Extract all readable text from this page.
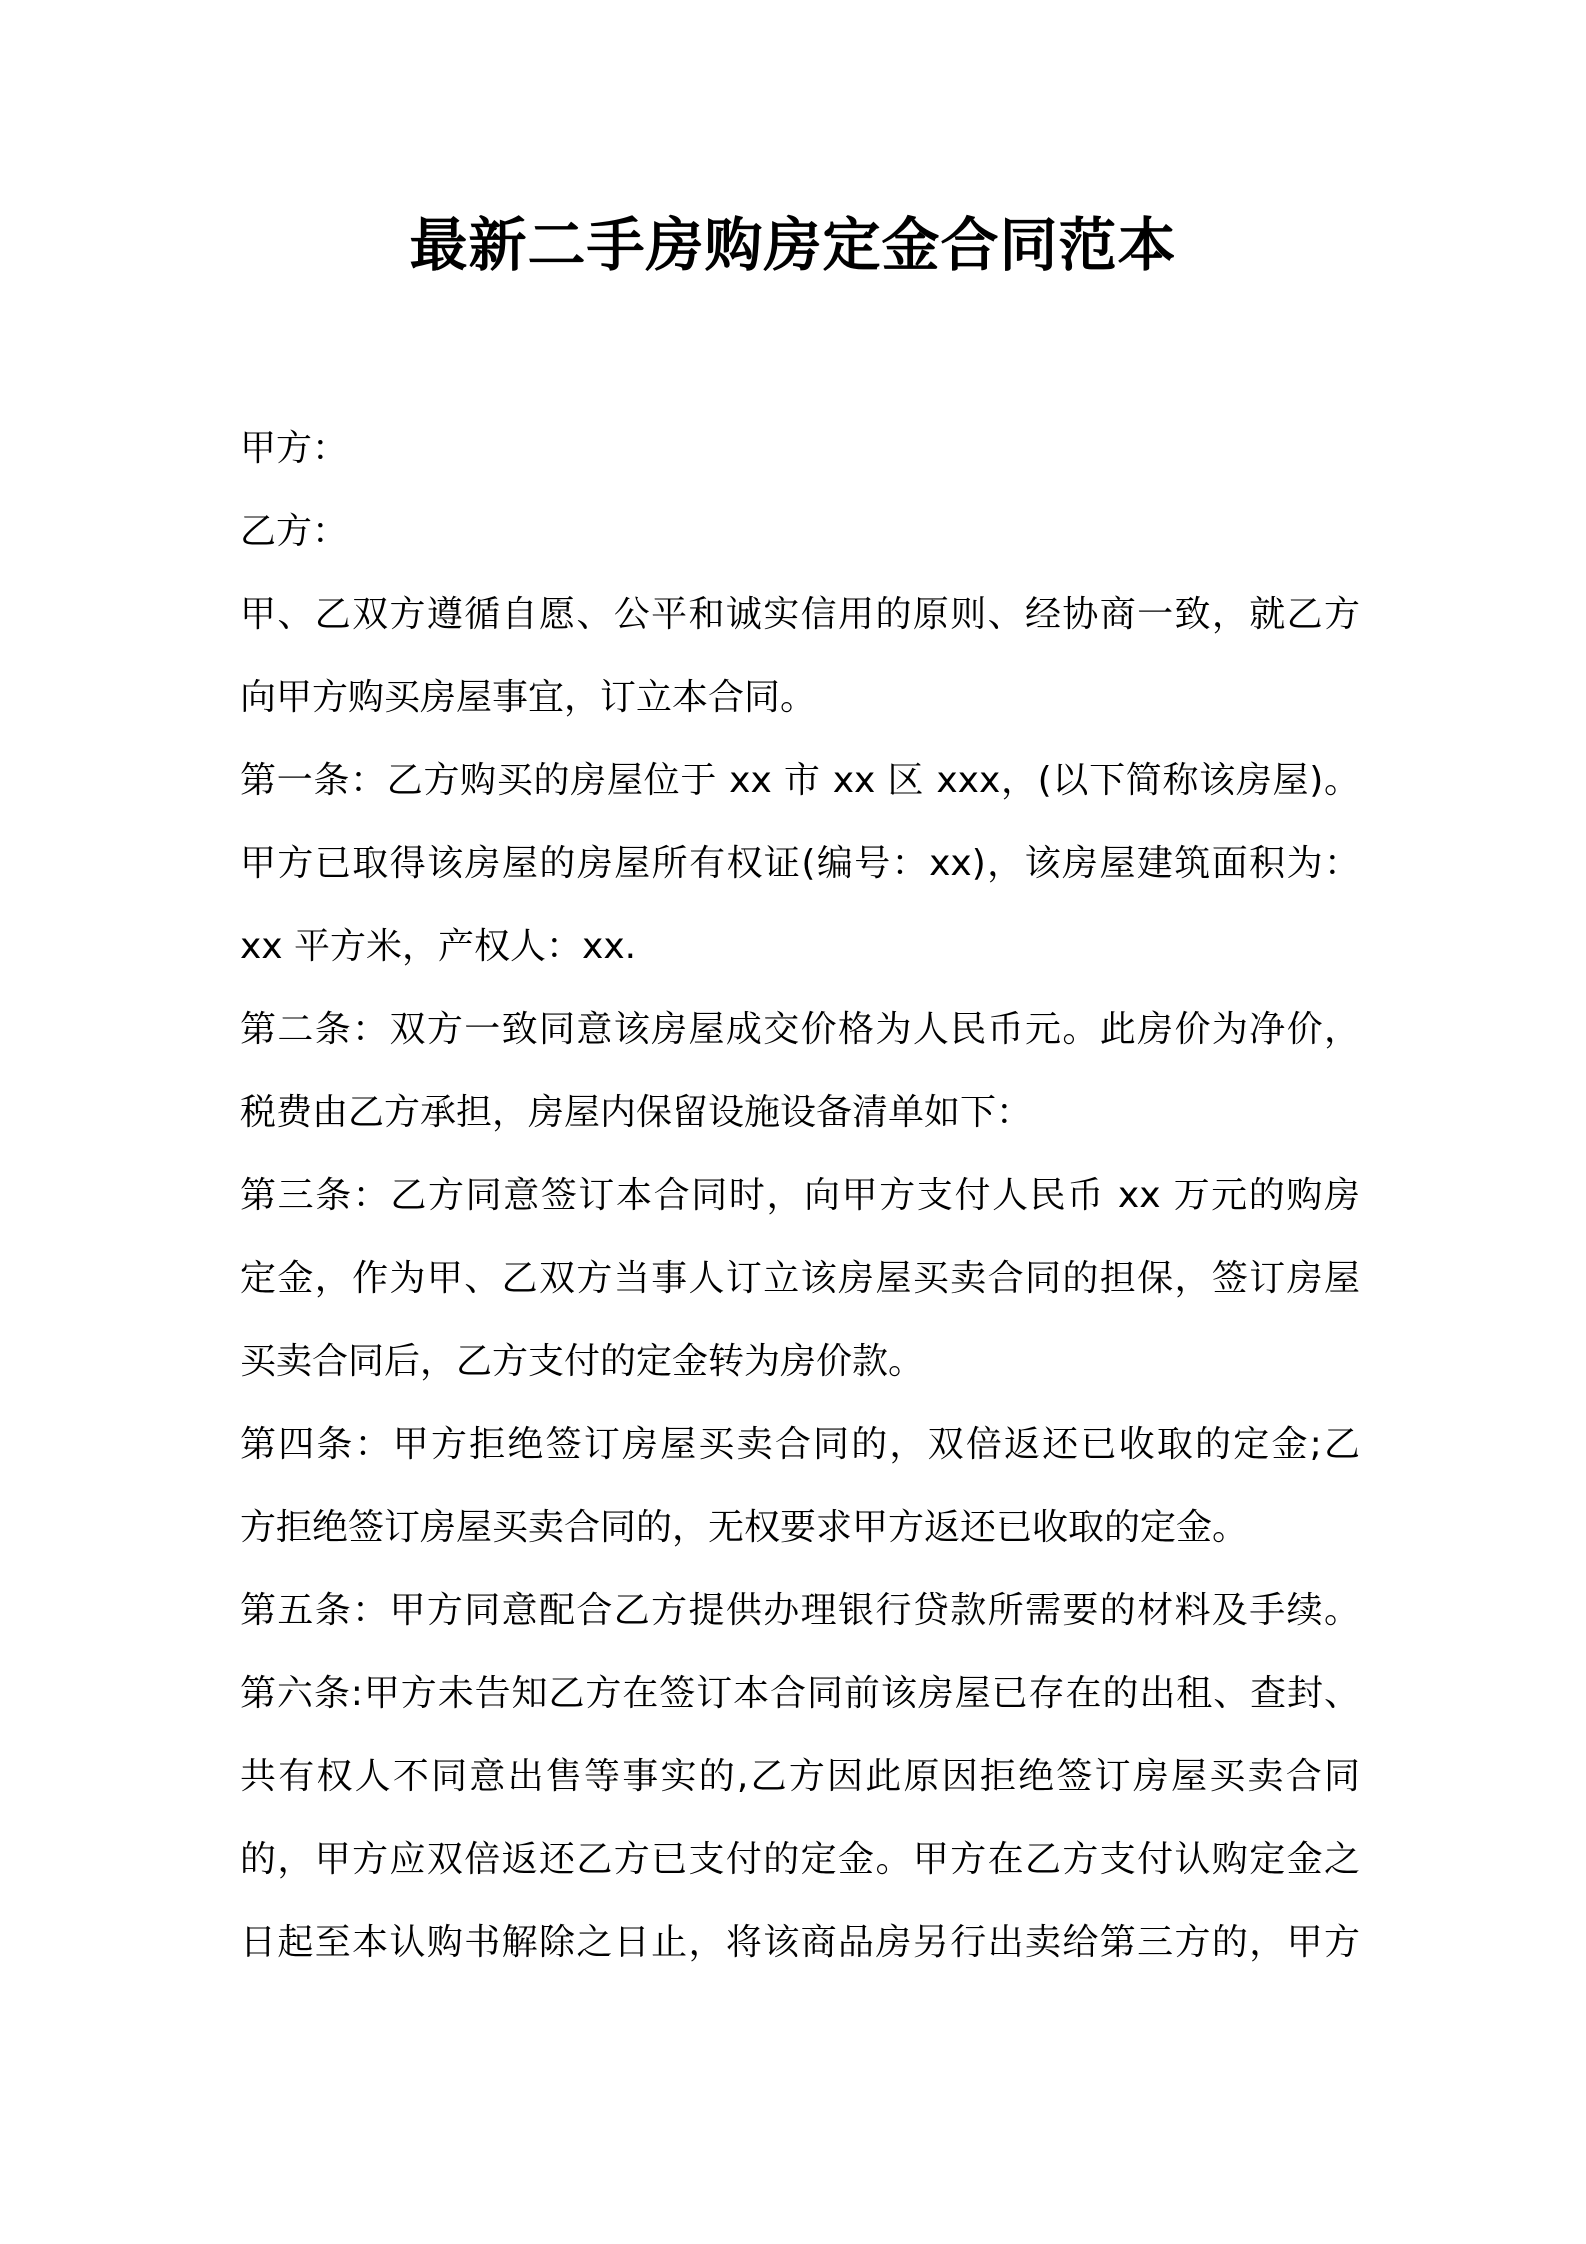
最新二手房购房定金合同范本
甲方：
乙方：
甲、乙双方遵循自愿、公平和诚实信用的原则、经协商一致，就乙方
向甲方购买房屋事宜，订立本合同。
第一条：乙方购买的房屋位于 xx 市 xx 区 xxx，(以下简称该房屋)。
甲方已取得该房屋的房屋所有权证(编号：xx)，该房屋建筑面积为：
xx 平方米，产权人：xx.
第二条：双方一致同意该房屋成交价格为人民币元。此房价为净价，
税费由乙方承担，房屋内保留设施设备清单如下：
第三条：乙方同意签订本合同时，向甲方支付人民币 xx 万元的购房
定金，作为甲、乙双方当事人订立该房屋买卖合同的担保，签订房屋
买卖合同后，乙方支付的定金转为房价款。
第四条：甲方拒绝签订房屋买卖合同的，双倍返还已收取的定金;乙
方拒绝签订房屋买卖合同的，无权要求甲方返还已收取的定金。
第五条：甲方同意配合乙方提供办理银行贷款所需要的材料及手续。
第六条:甲方未告知乙方在签订本合同前该房屋已存在的出租、查封、
共有权人不同意出售等事实的,乙方因此原因拒绝签订房屋买卖合同
的，甲方应双倍返还乙方已支付的定金。甲方在乙方支付认购定金之
日起至本认购书解除之日止，将该商品房另行出卖给第三方的，甲方
